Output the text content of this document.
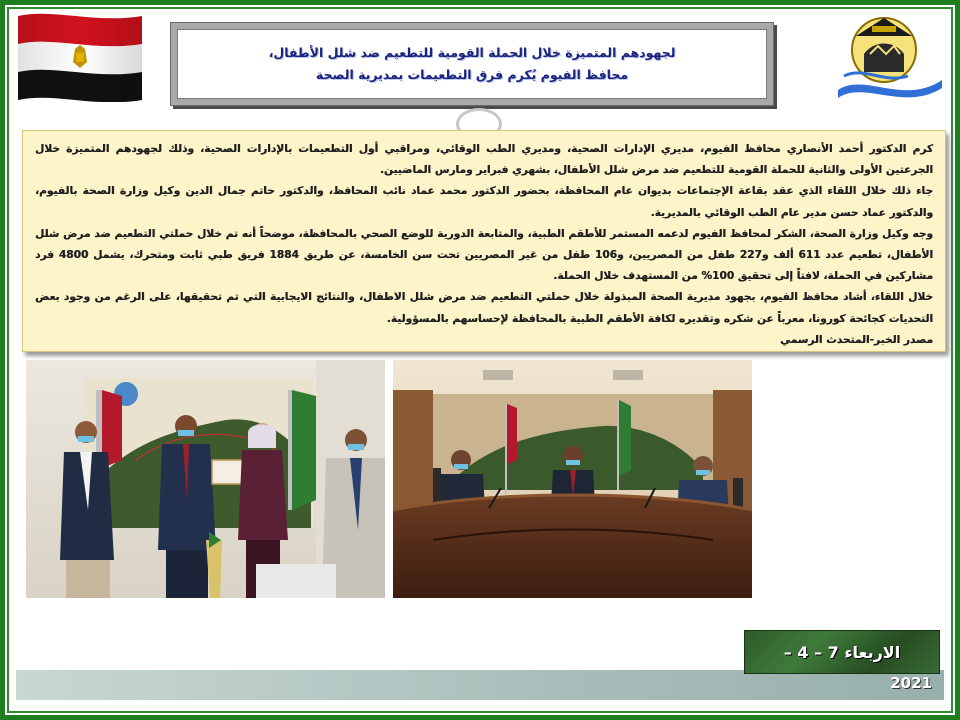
لجهودهم المتميزة خلال الحملة القومية للتطعيم ضد شلل الأطفال،
محافظ الفيوم يُكرم فرق التطعيمات بمديرية الصحة

كرم الدكتور أحمد الأنصاري محافظ الفيوم، مديري الإدارات الصحية، ومديري الطب الوقائي، ومراقبي أول التطعيمات بالإدارات الصحية، وذلك لجهودهم المتميزة خلال الجرعتين الأولى والثانية للحملة القومية للتطعيم ضد مرض شلل الأطفال، بشهري فبراير ومارس الماضيين.

جاء ذلك خلال اللقاء الذي عقد بقاعة الإجتماعات بديوان عام المحافظة، بحضور الدكتور محمد عماد نائب المحافظ، والدكتور حاتم جمال الدين وكيل وزارة الصحة بالفيوم، والدكتور عماد حسن مدير عام الطب الوقائي بالمديرية.

وجه وكيل وزارة الصحة، الشكر لمحافظ الفيوم لدعمه المستمر للأطقم الطبية، والمتابعة الدورية للوضع الصحي بالمحافظة، موضحاً أنه تم خلال حملتي التطعيم ضد مرض شلل الأطفال، تطعيم عدد 611 ألف و227 طفل من المصريين، و106 طفل من غير المصريين تحت سن الخامسة، عن طريق 1884 فريق طبي ثابت ومتحرك، يشمل 4800 فرد مشاركين في الحملة، لافتاً إلى تحقيق 100% من المستهدف خلال الحملة.

خلال اللقاء، أشاد محافظ الفيوم، بجهود مديرية الصحة المبذولة خلال حملتي التطعيم ضد مرض شلل الاطفال، والنتائج الايجابية التي تم تحقيقها، على الرغم من وجود بعض التحديات كجائحة كورونا، معرباً عن شكره وتقديره لكافة الأطقم الطبية بالمحافظة لإحساسهم بالمسؤولية.

مصدر الخبر-المتحدث الرسمي

2021
الاربعاء 7 – 4 –
